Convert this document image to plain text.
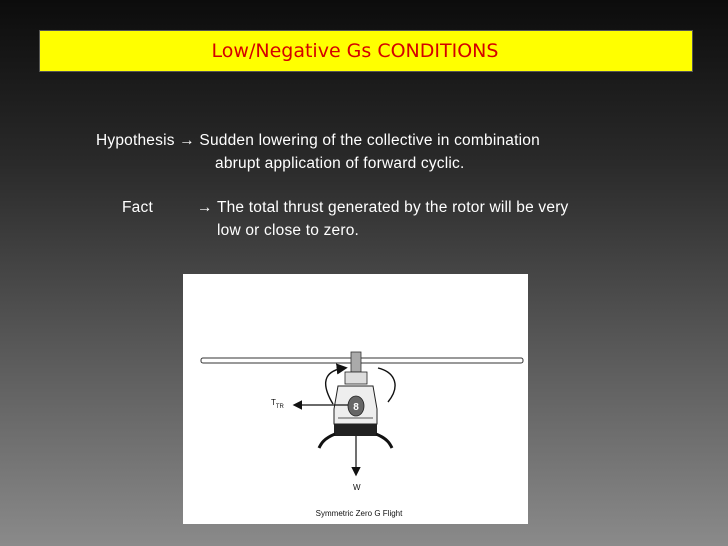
Low/Negative Gs CONDITIONS
Hypothesis → Sudden lowering of the collective in combination
abrupt application of forward cyclic.
Fact	→ The total thrust generated by the rotor will be very
low or close to zero.
8
$T_{TR}$
W
Symmetric Zero G Flight
